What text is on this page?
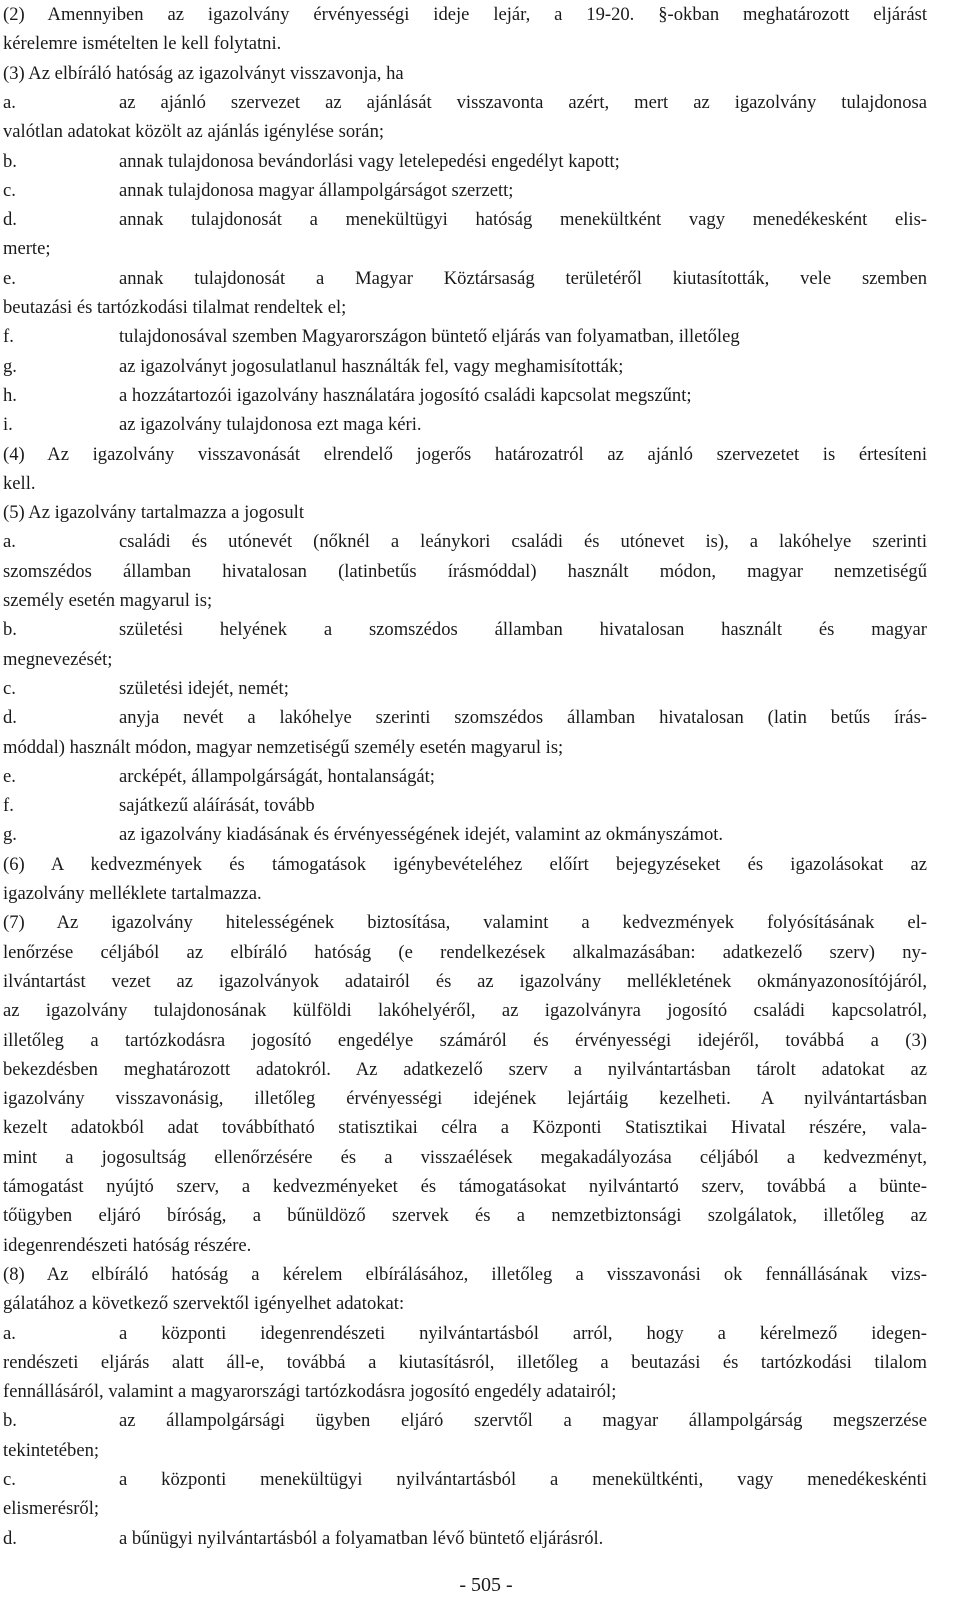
(2) Amennyiben az igazolvány érvényességi ideje lejár, a 19-20. §-okban meghatározott eljárást
kérelemre ismételten le kell folytatni.
(3) Az elbíráló hatóság az igazolványt visszavonja, ha
a.	az ajánló szervezet az ajánlását visszavonta azért, mert az igazolvány tulajdonosa
valótlan adatokat közölt az ajánlás igénylése során;
b.	annak tulajdonosa bevándorlási vagy letelepedési engedélyt kapott;
c.	annak tulajdonosa magyar állampolgárságot szerzett;
d.	annak tulajdonosát a menekültügyi hatóság menekültként vagy menedékesként elis-
merte;
e.	annak tulajdonosát a Magyar Köztársaság területéről kiutasították, vele szemben
beutazási és tartózkodási tilalmat rendeltek el;
f.	tulajdonosával szemben Magyarországon büntető eljárás van folyamatban, illetőleg
g.	az igazolványt jogosulatlanul használták fel, vagy meghamisították;
h.	a hozzátartozói igazolvány használatára jogosító családi kapcsolat megszűnt;
i.	az igazolvány tulajdonosa ezt maga kéri.
(4) Az igazolvány visszavonását elrendelő jogerős határozatról az ajánló szervezetet is értesíteni
kell.
(5) Az igazolvány tartalmazza a jogosult
a.	családi és utónevét (nőknél a leánykori családi és utónevet is), a lakóhelye szerinti
szomszédos államban hivatalosan (latinbetűs írásmóddal) használt módon, magyar nemzetiségű
személy esetén magyarul is;
b.	születési helyének a szomszédos államban hivatalosan használt és magyar
megnevezését;
c.	születési idejét, nemét;
d.	anyja nevét a lakóhelye szerinti szomszédos államban hivatalosan (latin betűs írás-
móddal) használt módon, magyar nemzetiségű személy esetén magyarul is;
e.	arcképét, állampolgárságát, hontalanságát;
f.	sajátkezű aláírását, tovább
g.	az igazolvány kiadásának és érvényességének idejét, valamint az okmányszámot.
(6) A kedvezmények és támogatások igénybevételéhez előírt bejegyzéseket és igazolásokat az
igazolvány melléklete tartalmazza.
(7) Az igazolvány hitelességének biztosítása, valamint a kedvezmények folyósításának el-
lenőrzése céljából az elbíráló hatóság (e rendelkezések alkalmazásában: adatkezelő szerv) ny-
ilvántartást vezet az igazolványok adatairól és az igazolvány mellékletének okmányazonosítójáról,
az igazolvány tulajdonosának külföldi lakóhelyéről, az igazolványra jogosító családi kapcsolatról,
illetőleg a tartózkodásra jogosító engedélye számáról és érvényességi idejéről, továbbá a (3)
bekezdésben meghatározott adatokról. Az adatkezelő szerv a nyilvántartásban tárolt adatokat az
igazolvány visszavonásig, illetőleg érvényességi idejének lejártáig kezelheti. A nyilvántartásban
kezelt adatokból adat továbbítható statisztikai célra a Központi Statisztikai Hivatal részére, vala-
mint a jogosultság ellenőrzésére és a visszaélések megakadályozása céljából a kedvezményt,
támogatást nyújtó szerv, a kedvezményeket és támogatásokat nyilvántartó szerv, továbbá a bünte-
tőügyben eljáró bíróság, a bűnüldöző szervek és a nemzetbiztonsági szolgálatok, illetőleg az
idegenrendészeti hatóság részére.
(8) Az elbíráló hatóság a kérelem elbírálásához, illetőleg a visszavonási ok fennállásának vizs-
gálatához a következő szervektől igényelhet adatokat:
a.	a központi idegenrendészeti nyilvántartásból arról, hogy a kérelmező idegen-
rendészeti eljárás alatt áll-e, továbbá a kiutasításról, illetőleg a beutazási és tartózkodási tilalom
fennállásáról, valamint a magyarországi tartózkodásra jogosító engedély adatairól;
b.	az állampolgársági ügyben eljáró szervtől a magyar állampolgárság megszerzése
tekintetében;
c.	a központi menekültügyi nyilvántartásból a menekültkénti, vagy menedékeskénti
elismerésről;
d.	a bűnügyi nyilvántartásból a folyamatban lévő büntető eljárásról.
- 505 -
